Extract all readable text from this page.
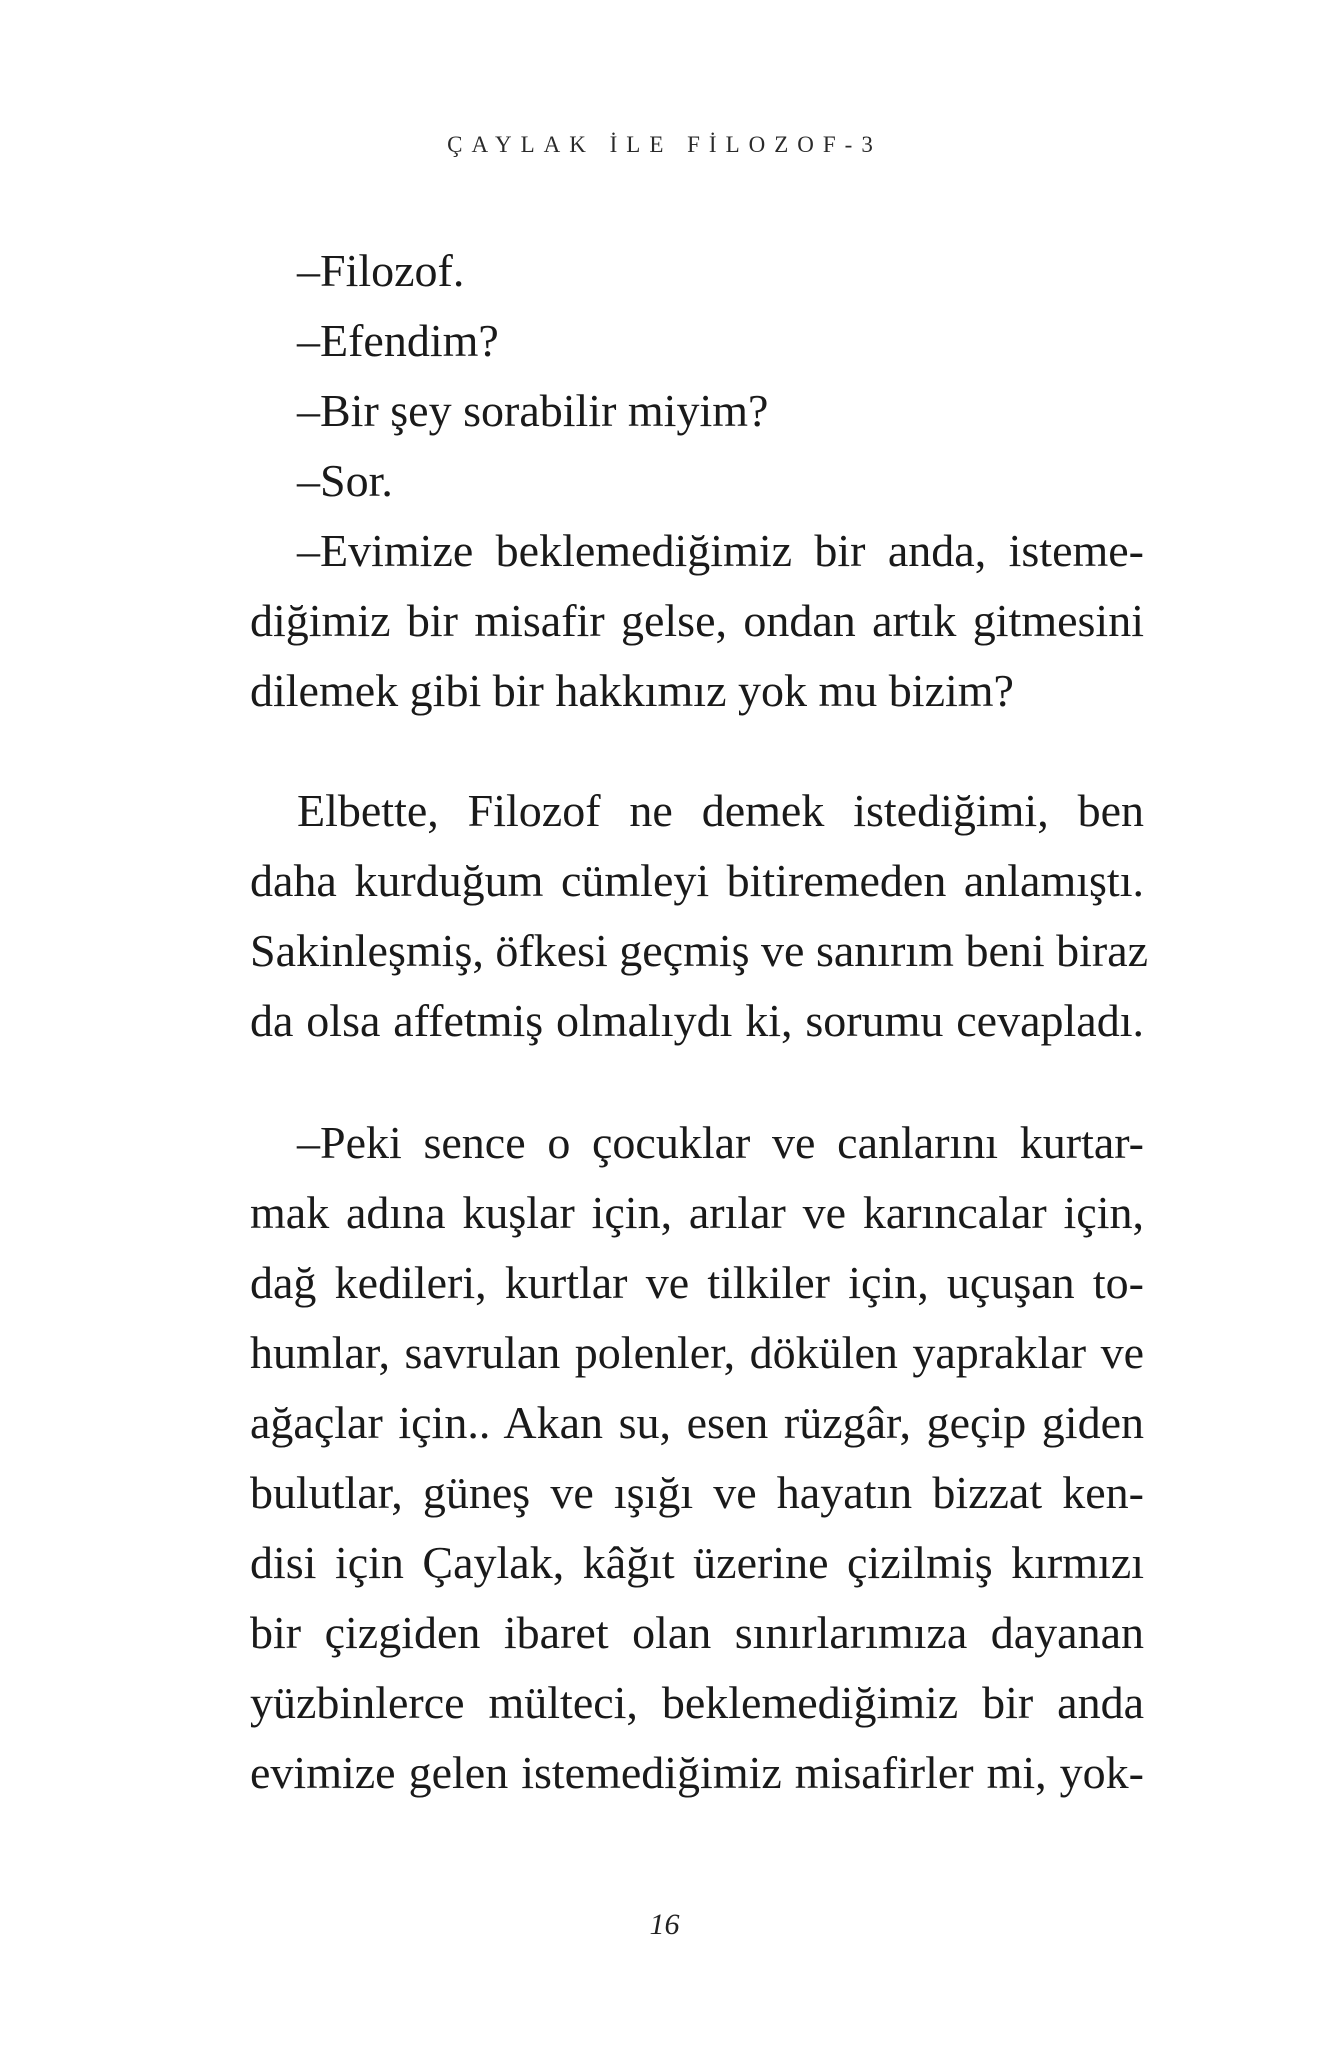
ÇAYLAK İLE FİLOZOF-3
–Filozof.
–Efendim?
–Bir şey sorabilir miyim?
–Sor.
–Evimize beklemediğimiz bir anda, isteme-
diğimiz bir misafir gelse, ondan artık gitmesini
dilemek gibi bir hakkımız yok mu bizim?
Elbette, Filozof ne demek istediğimi, ben
daha kurduğum cümleyi bitiremeden anlamıştı.
Sakinleşmiş, öfkesi geçmiş ve sanırım beni biraz
da olsa affetmiş olmalıydı ki, sorumu cevapladı.
–Peki sence o çocuklar ve canlarını kurtar-
mak adına kuşlar için, arılar ve karıncalar için,
dağ kedileri, kurtlar ve tilkiler için, uçuşan to-
humlar, savrulan polenler, dökülen yapraklar ve
ağaçlar için.. Akan su, esen rüzgâr, geçip giden
bulutlar, güneş ve ışığı ve hayatın bizzat ken-
disi için Çaylak, kâğıt üzerine çizilmiş kırmızı
bir çizgiden ibaret olan sınırlarımıza dayanan
yüzbinlerce mülteci, beklemediğimiz bir anda
evimize gelen istemediğimiz misafirler mi, yok-
16
